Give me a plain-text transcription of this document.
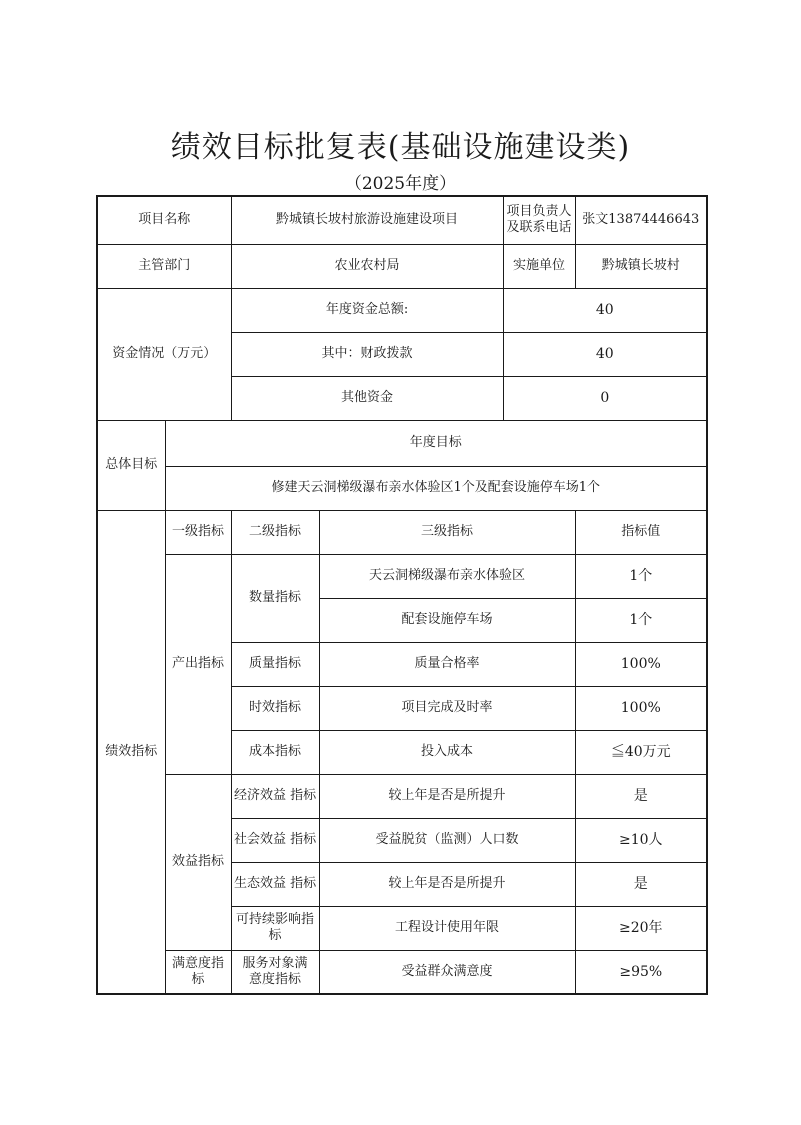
绩效目标批复表(基础设施建设类)
（2025年度）
项目名称		黔城镇长坡村旅游设施建设项目		项目负责人及联系电话	张文13874446643
主管部门		农业农村局		实施单位	黔城镇长坡村
资金情况（万元）		年度资金总额:		40	
		其中：财政拨款		40	
		其他资金		0	
总体目标	年度目标				
	修建天云洞梯级瀑布亲水体验区1个及配套设施停车场1个				
绩效指标	一级指标	二级指标	三级指标		指标值
	产出指标	数量指标	天云洞梯级瀑布亲水体验区		1个
			配套设施停车场		1个
		质量指标	质量合格率		100%
		时效指标	项目完成及时率		100%
		成本指标	投入成本		≦40万元
	效益指标	经济效益 指标	较上年是否是所提升		是
		社会效益 指标	受益脱贫（监测）人口数		≥10人
		生态效益 指标	较上年是否是所提升		是
		可持续影响指标	工程设计使用年限		≥20年
	满意度指标	服务对象满意度指标	受益群众满意度		≥95%
